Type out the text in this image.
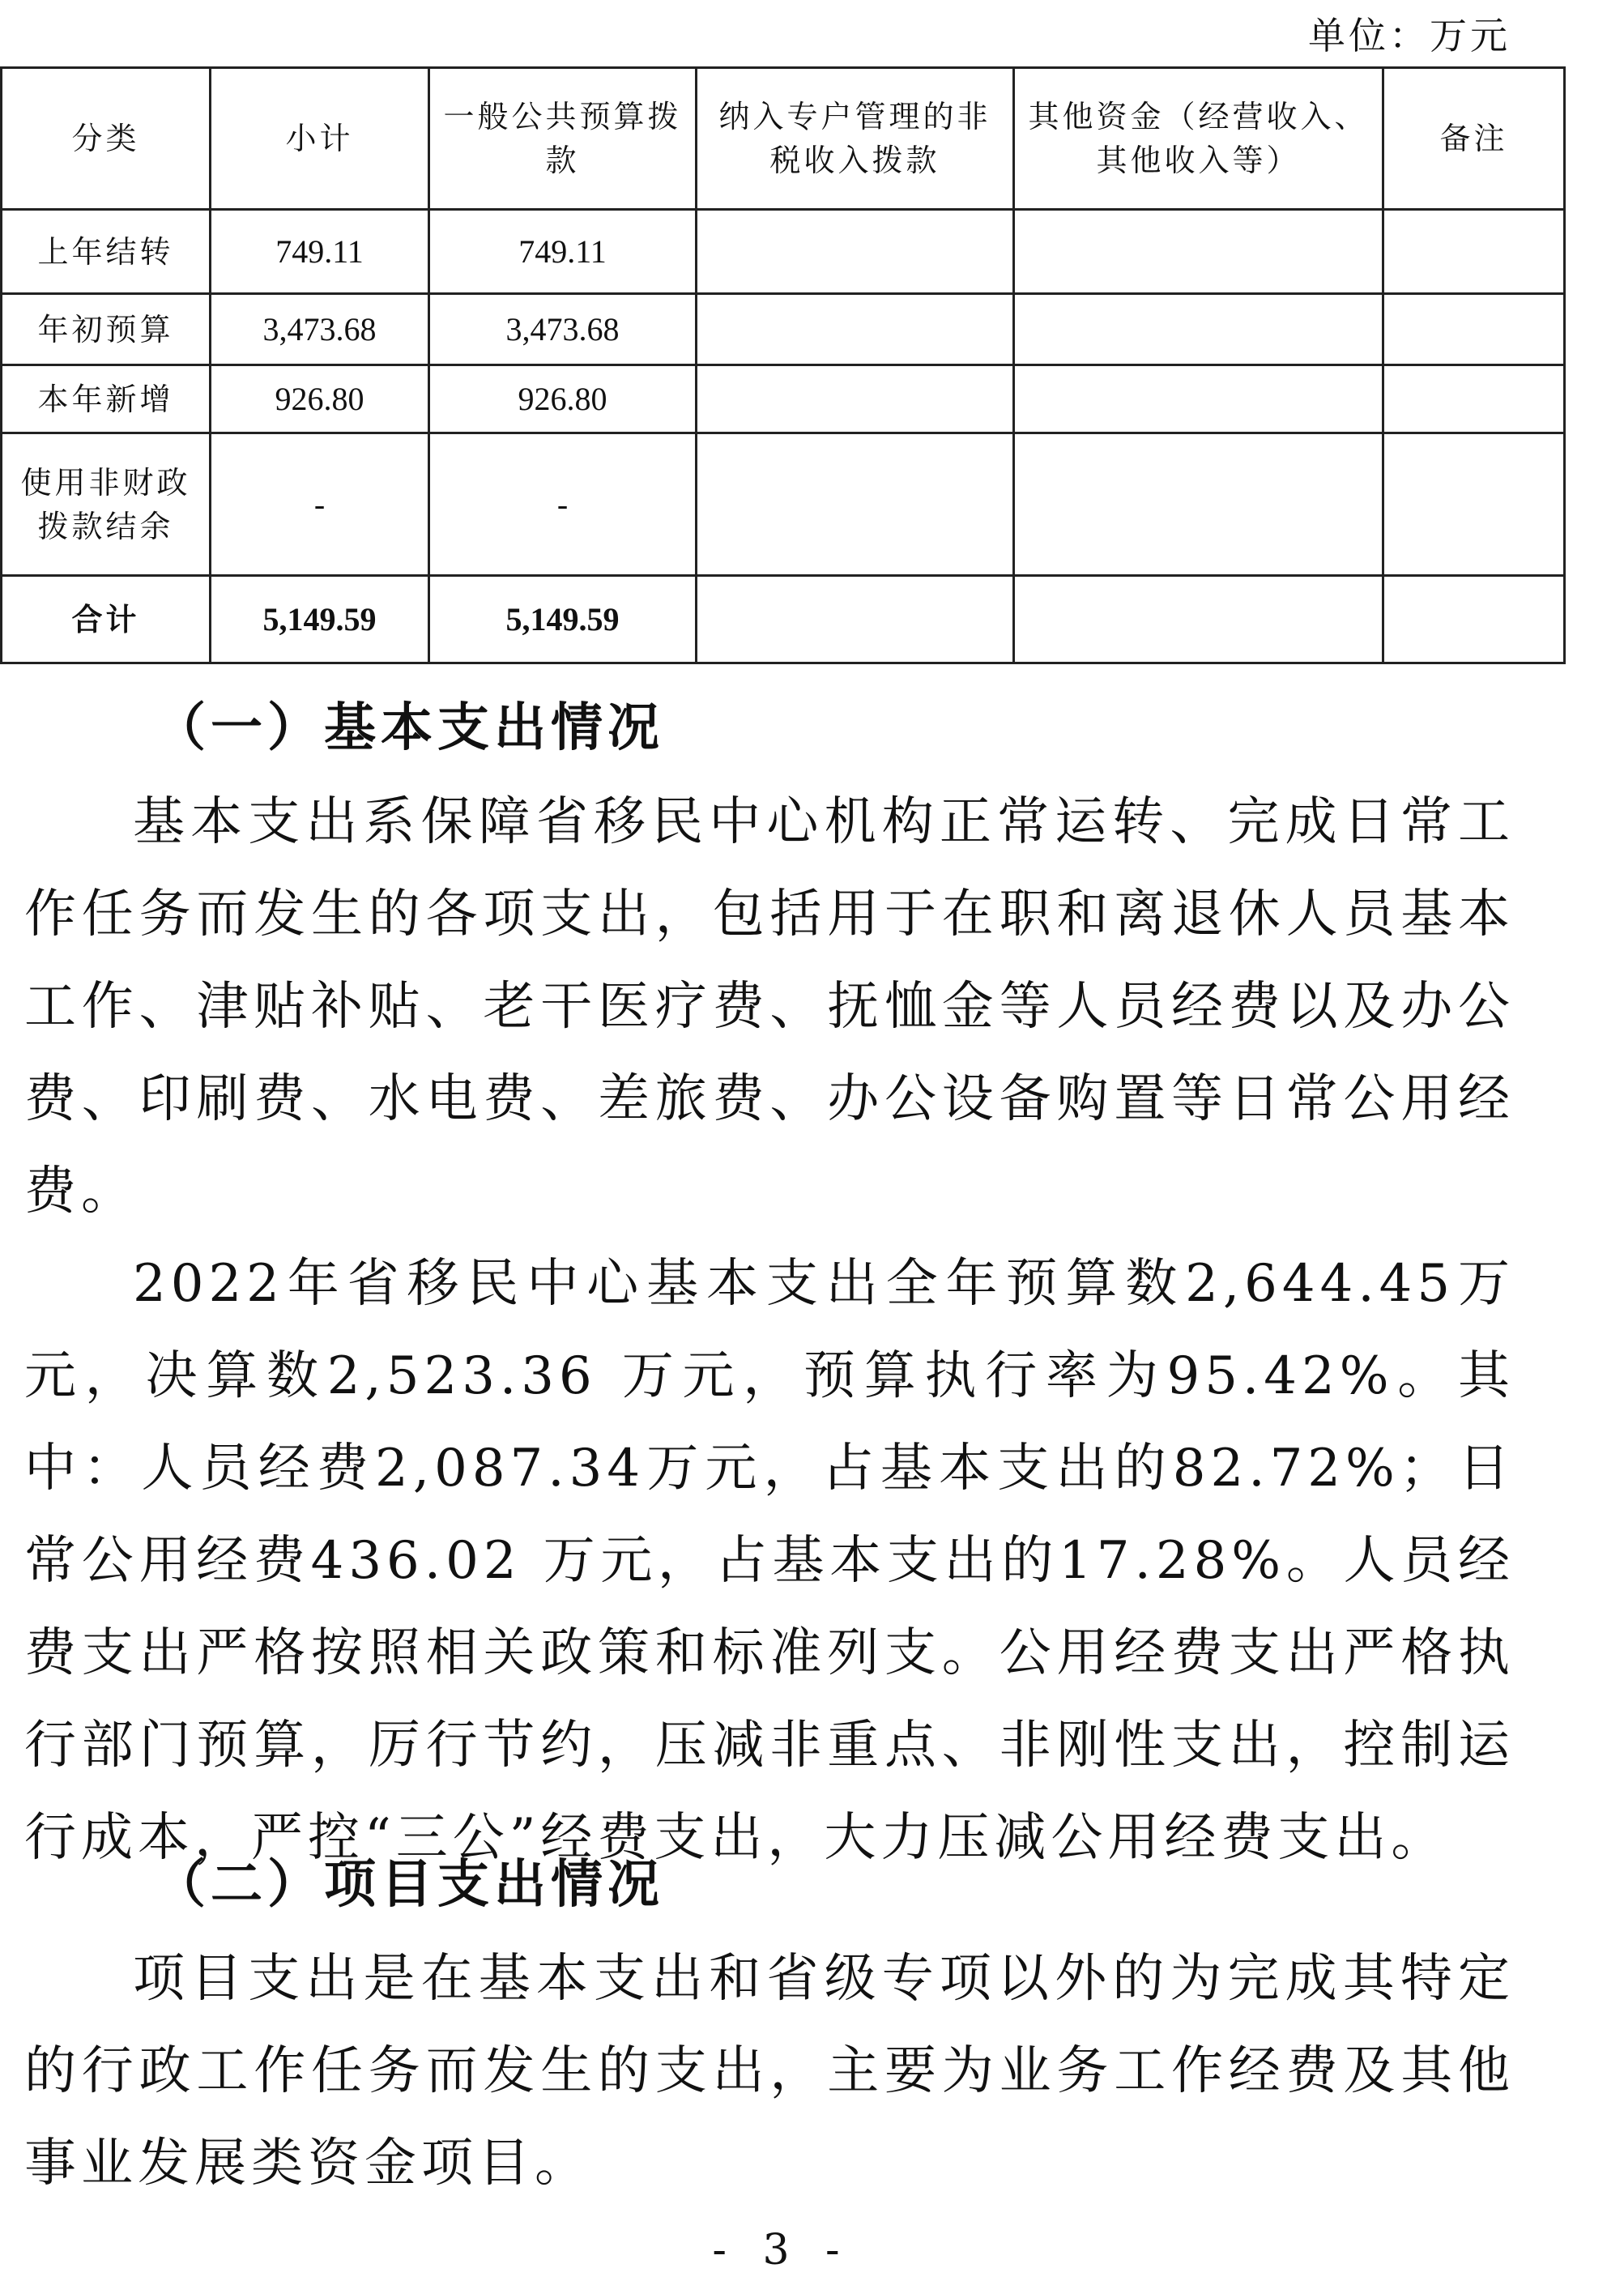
单位：万元
分类	小计	一般公共预算拨款	纳入专户管理的非税收入拨款	其他资金（经营收入、其他收入等）	备注
上年结转	749.11	749.11			
年初预算	3,473.68	3,473.68			
本年新增	926.80	926.80			
使用非财政拨款结余	-	-			
合计	5,149.59	5,149.59			
（一）基本支出情况

基本支出系保障省移民中心机构正常运转、完成日常工作任务而发生的各项支出，包括用于在职和离退休人员基本工作、津贴补贴、老干医疗费、抚恤金等人员经费以及办公费、印刷费、水电费、差旅费、办公设备购置等日常公用经费。

2022年省移民中心基本支出全年预算数2,644.45万元，决算数2,523.36 万元，预算执行率为95.42%。其中：人员经费2,087.34万元，占基本支出的82.72%；日常公用经费436.02 万元，占基本支出的17.28%。人员经费支出严格按照相关政策和标准列支。公用经费支出严格执行部门预算，厉行节约，压减非重点、非刚性支出，控制运行成本，严控“三公”经费支出，大力压减公用经费支出。

（二）项目支出情况

项目支出是在基本支出和省级专项以外的为完成其特定的行政工作任务而发生的支出，主要为业务工作经费及其他事业发展类资金项目。

- 3 -
